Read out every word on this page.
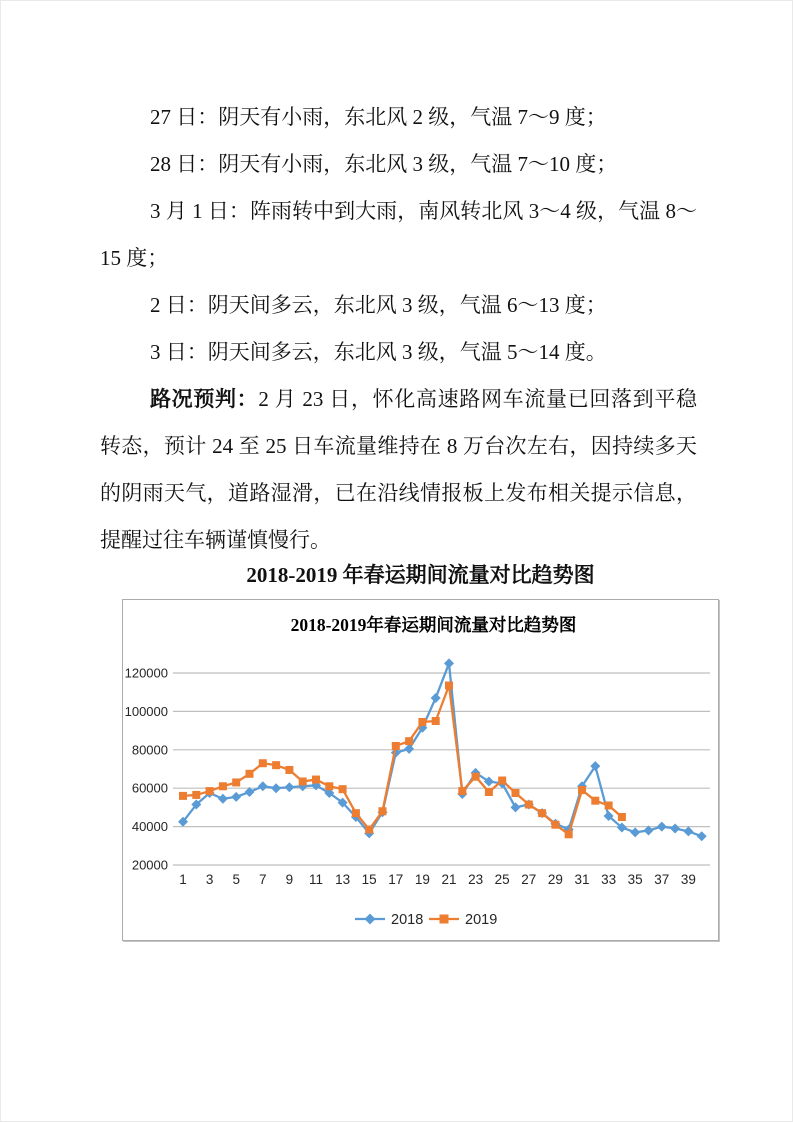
27 日：阴天有小雨，东北风 2 级，气温 7～9 度；

28 日：阴天有小雨，东北风 3 级，气温 7～10 度；

3 月 1 日：阵雨转中到大雨，南风转北风 3～4 级，气温 8～15 度；

2 日：阴天间多云，东北风 3 级，气温 6～13 度；

3 日：阴天间多云，东北风 3 级，气温 5～14 度。

路况预判：2 月 23 日，怀化高速路网车流量已回落到平稳转态，预计 24 至 25 日车流量维持在 8 万台次左右，因持续多天的阴雨天气，道路湿滑，已在沿线情报板上发布相关提示信息，提醒过往车辆谨慎慢行。

2018-2019 年春运期间流量对比趋势图
2018-2019年春运期间流量对比趋势图
20000
40000
60000
80000
100000
120000
1 3 5 7 9 11 13 15 17 19 21 23 25 27 29 31 33 35 37 39
2018	2019
